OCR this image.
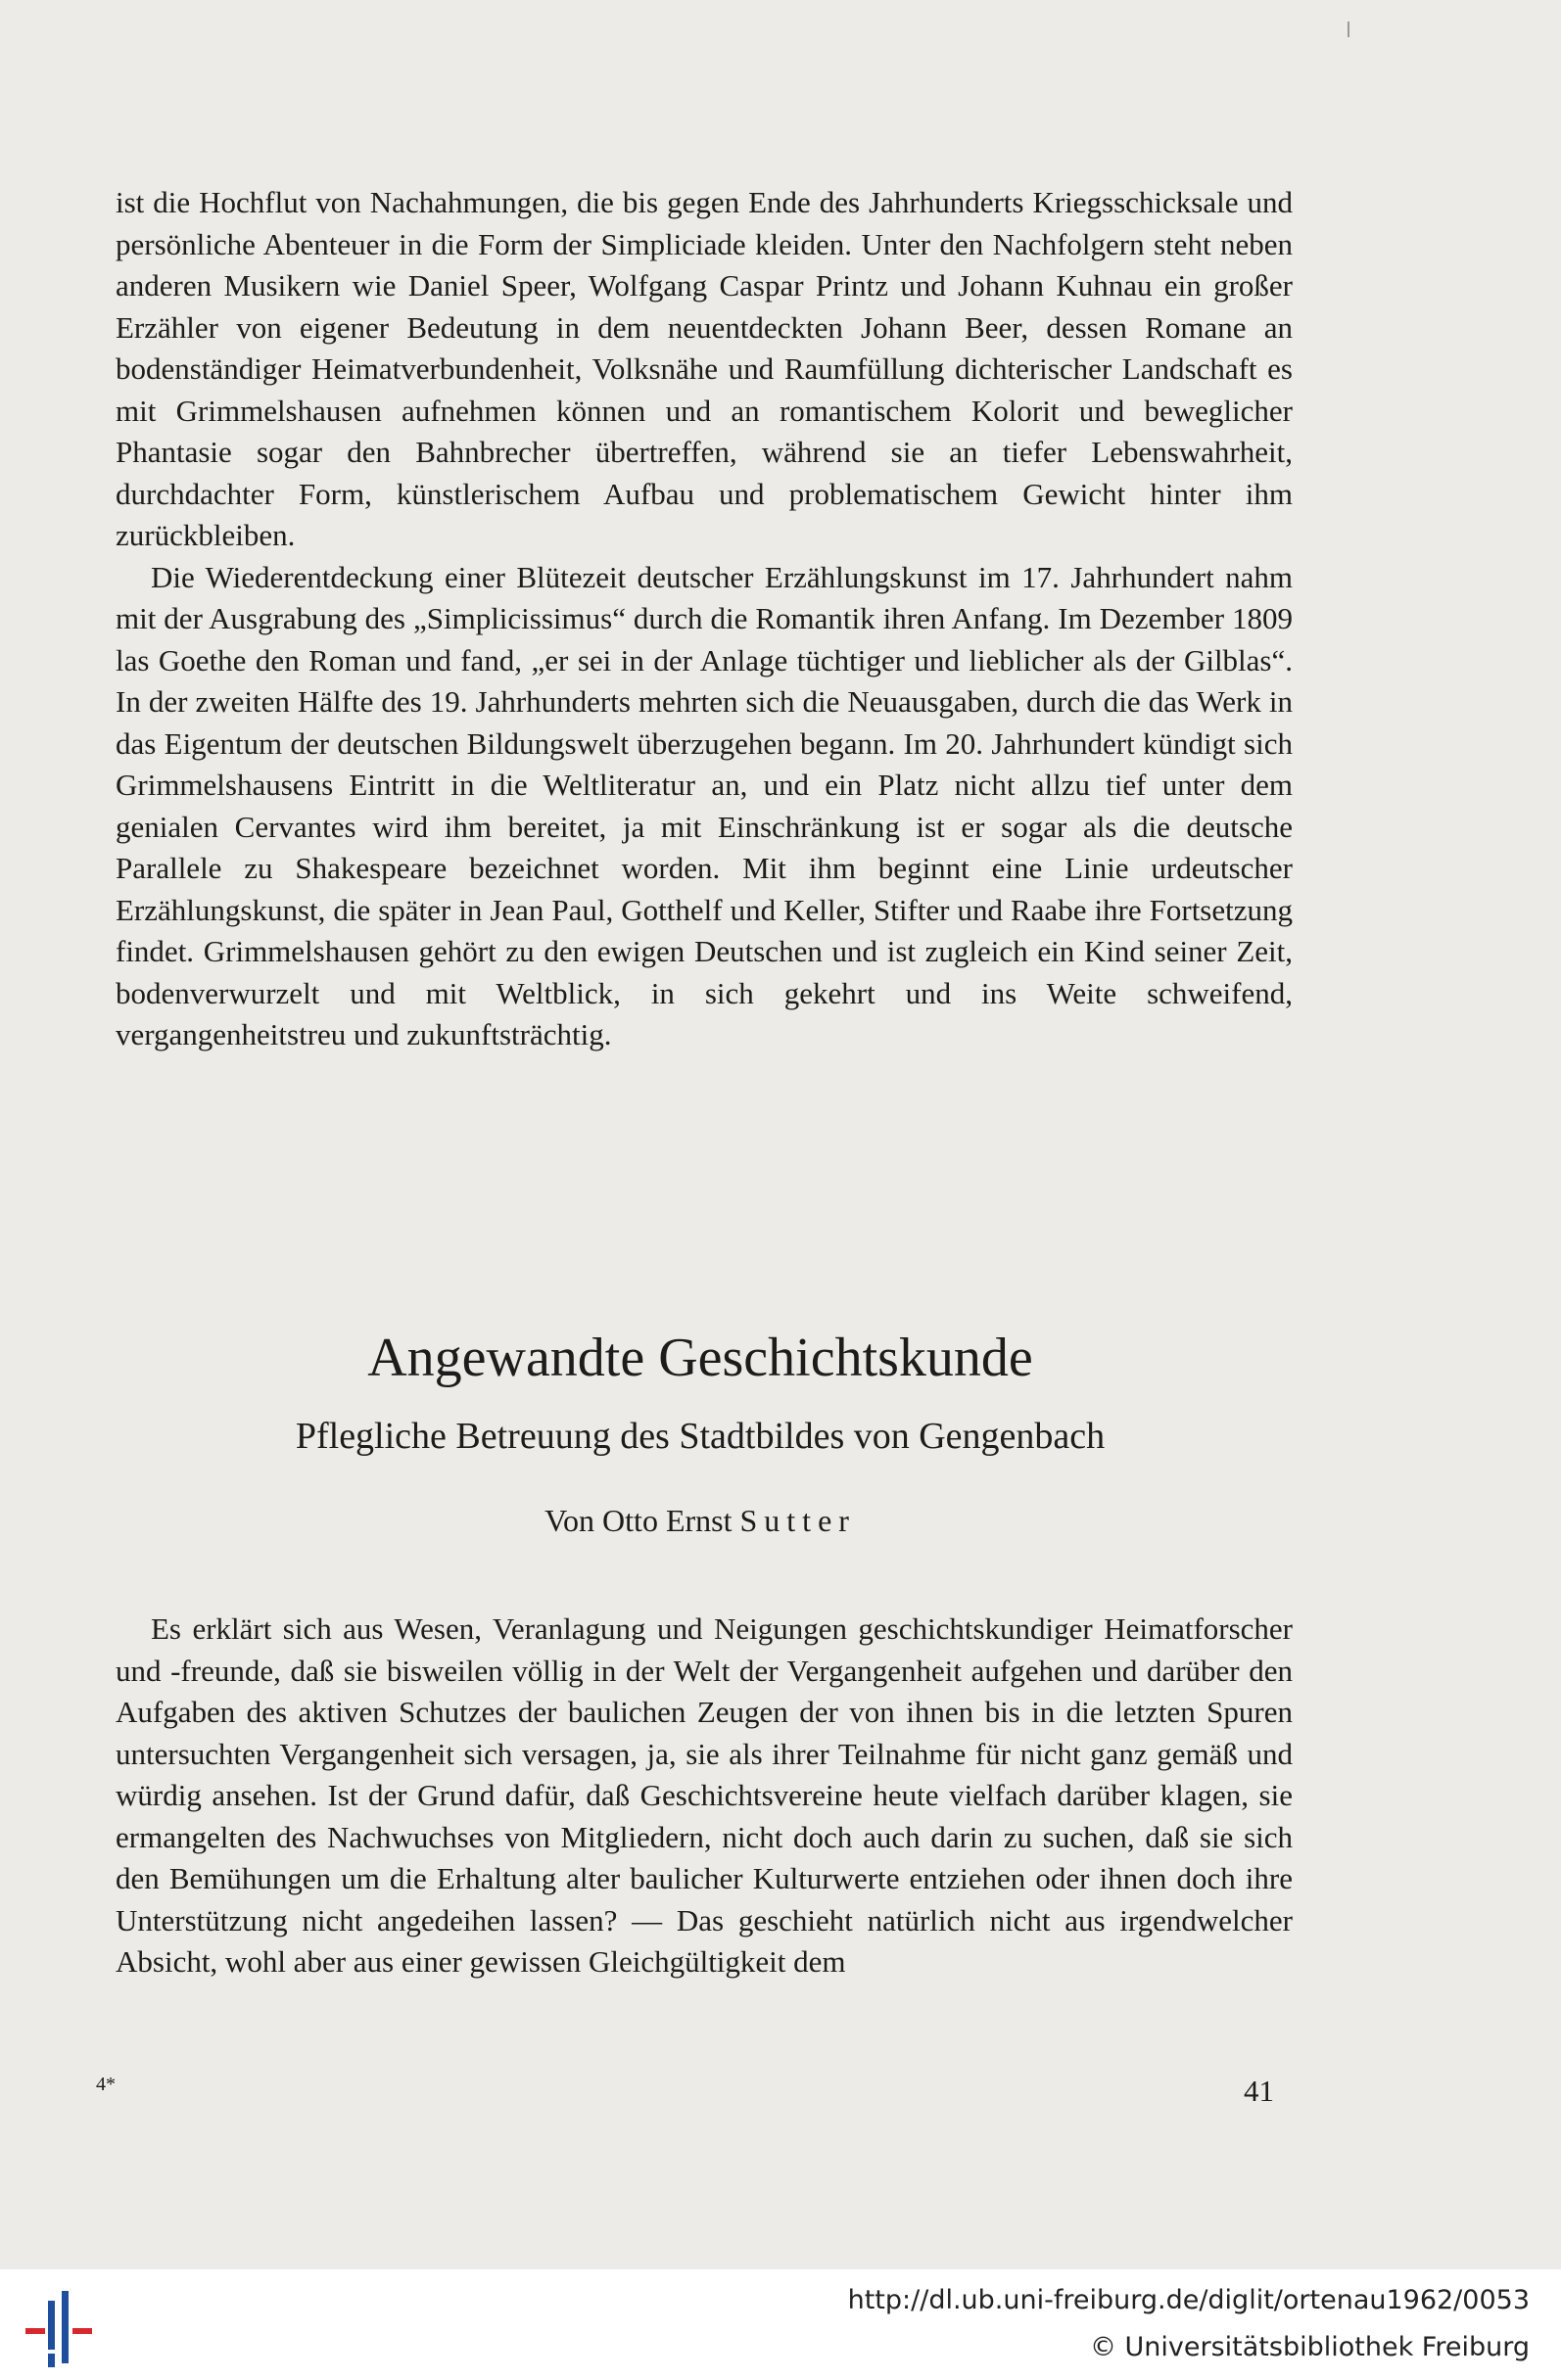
ist die Hochflut von Nachahmungen, die bis gegen Ende des Jahrhunderts Kriegsschicksale und persönliche Abenteuer in die Form der Simpliciade kleiden. Unter den Nachfolgern steht neben anderen Musikern wie Daniel Speer, Wolfgang Caspar Printz und Johann Kuhnau ein großer Erzähler von eigener Bedeutung in dem neuentdeckten Johann Beer, dessen Romane an bodenständiger Heimatverbundenheit, Volksnähe und Raumfüllung dichterischer Landschaft es mit Grimmelshausen aufnehmen können und an romantischem Kolorit und beweglicher Phantasie sogar den Bahnbrecher übertreffen, während sie an tiefer Lebenswahrheit, durchdachter Form, künstlerischem Aufbau und problematischem Gewicht hinter ihm zurückbleiben.

Die Wiederentdeckung einer Blütezeit deutscher Erzählungskunst im 17. Jahrhundert nahm mit der Ausgrabung des „Simplicissimus“ durch die Romantik ihren Anfang. Im Dezember 1809 las Goethe den Roman und fand, „er sei in der Anlage tüchtiger und lieblicher als der Gilblas“. In der zweiten Hälfte des 19. Jahrhunderts mehrten sich die Neuausgaben, durch die das Werk in das Eigentum der deutschen Bildungswelt überzugehen begann. Im 20. Jahrhundert kündigt sich Grimmelshausens Eintritt in die Weltliteratur an, und ein Platz nicht allzu tief unter dem genialen Cervantes wird ihm bereitet, ja mit Einschränkung ist er sogar als die deutsche Parallele zu Shakespeare bezeichnet worden. Mit ihm beginnt eine Linie urdeutscher Erzählungskunst, die später in Jean Paul, Gotthelf und Keller, Stifter und Raabe ihre Fortsetzung findet. Grimmelshausen gehört zu den ewigen Deutschen und ist zugleich ein Kind seiner Zeit, bodenverwurzelt und mit Weltblick, in sich gekehrt und ins Weite schweifend, vergangenheitstreu und zukunftsträchtig.

Angewandte Geschichtskunde
Pflegliche Betreuung des Stadtbildes von Gengenbach
Von Otto Ernst Sutter

Es erklärt sich aus Wesen, Veranlagung und Neigungen geschichtskundiger Heimatforscher und -freunde, daß sie bisweilen völlig in der Welt der Vergangenheit aufgehen und darüber den Aufgaben des aktiven Schutzes der baulichen Zeugen der von ihnen bis in die letzten Spuren untersuchten Vergangenheit sich versagen, ja, sie als ihrer Teilnahme für nicht ganz gemäß und würdig ansehen. Ist der Grund dafür, daß Geschichtsvereine heute vielfach darüber klagen, sie ermangelten des Nachwuchses von Mitgliedern, nicht doch auch darin zu suchen, daß sie sich den Bemühungen um die Erhaltung alter baulicher Kulturwerte entziehen oder ihnen doch ihre Unterstützung nicht angedeihen lassen? — Das geschieht natürlich nicht aus irgendwelcher Absicht, wohl aber aus einer gewissen Gleichgültigkeit dem

4*	41
http://dl.ub.uni-freiburg.de/diglit/ortenau1962/0053
© Universitätsbibliothek Freiburg
